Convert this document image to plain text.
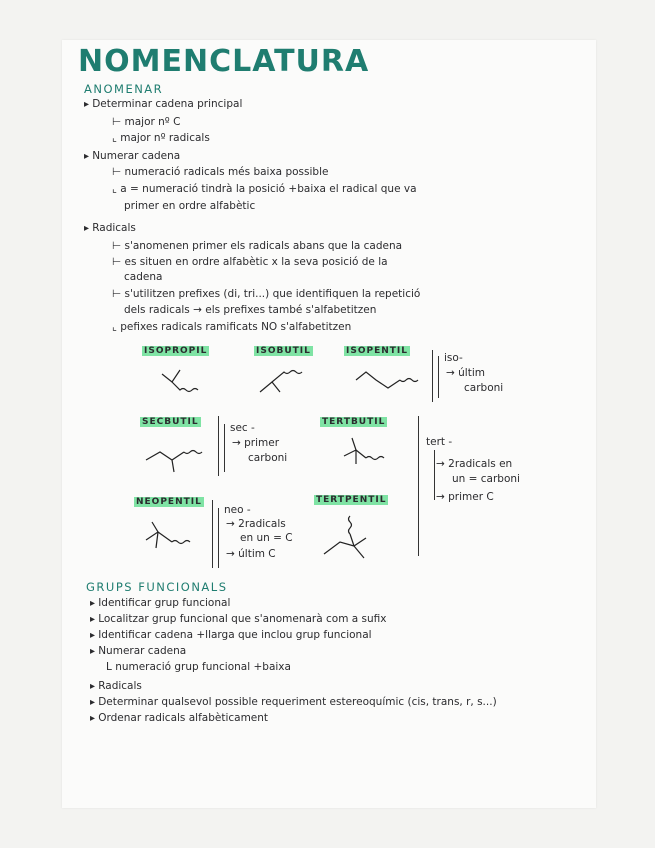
NOMENCLATURA
ANOMENAR
▸ Determinar cadena principal
⊢ major nº C
⌞ major nº radicals
▸ Numerar cadena
⊢ numeració radicals més baixa possible
⌞ a = numeració tindrà la posició +baixa el radical que va
primer en ordre alfabètic
▸ Radicals
⊢ s'anomenen primer els radicals abans que la cadena
⊢ es situen en ordre alfabètic x la seva posició de la
cadena
⊢ s'utilitzen prefixes (di, tri...) que identifiquen la repetició
dels radicals → els prefixes també s'alfabetitzen
⌞ pefixes radicals ramificats NO s'alfabetitzen
ISOPROPIL	ISOBUTIL	ISOPENTIL
iso-
→ últim
carboni
SECBUTIL	sec -
→ primer
carboni
TERTBUTIL
tert -
→ 2radicals en
un = carboni
→ primer C
NEOPENTIL
neo -
→ 2radicals
en un = C
→ últim C
TERTPENTIL
GRUPS FUNCIONALS
▸ Identificar grup funcional
▸ Localitzar grup funcional que s'anomenarà com a sufix
▸ Identificar cadena +llarga que inclou grup funcional
▸ Numerar cadena
L numeració grup funcional +baixa
▸ Radicals
▸ Determinar qualsevol possible requeriment estereoquímic (cis, trans, r, s...)
▸ Ordenar radicals alfabèticament
